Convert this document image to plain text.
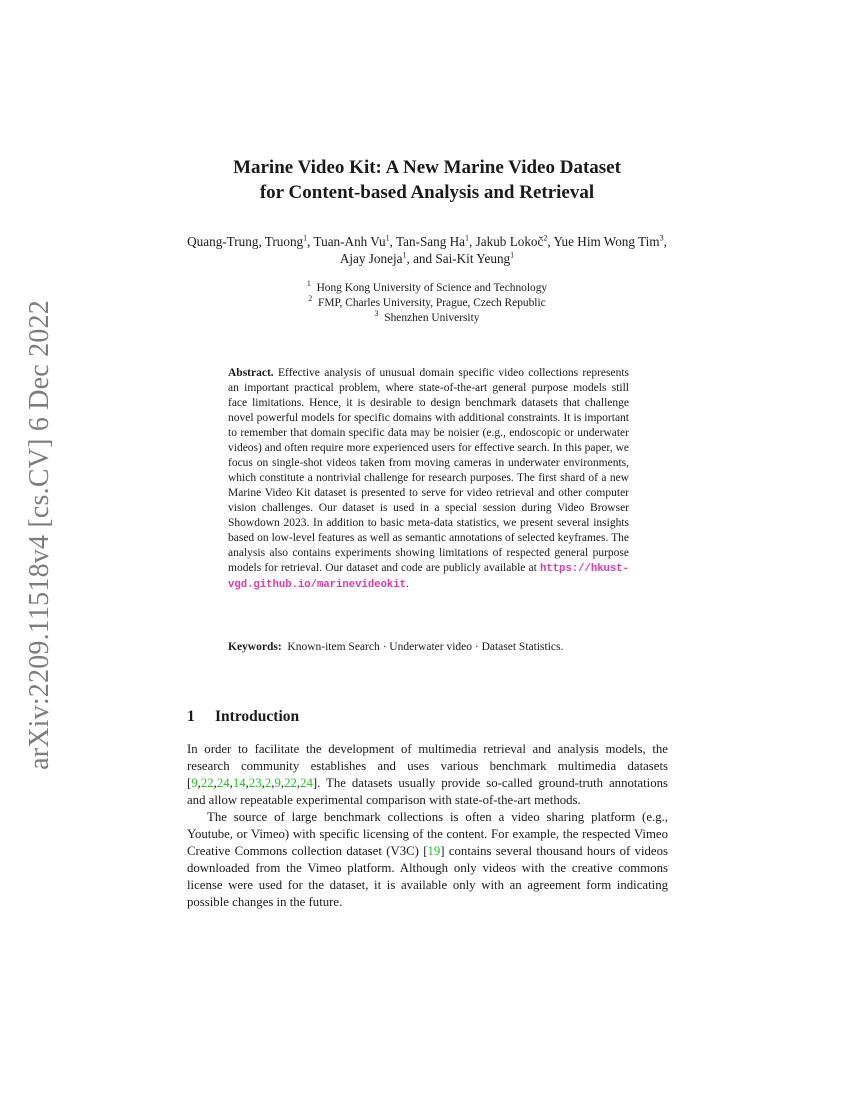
arXiv:2209.11518v4 [cs.CV] 6 Dec 2022
Marine Video Kit: A New Marine Video Dataset
for Content-based Analysis and Retrieval
Quang-Trung, Truong$^1$, Tuan-Anh Vu$^1$, Tan-Sang Ha$^1$, Jakub Lokoč$^2$, Yue Him Wong Tim$^3$, Ajay Joneja$^1$, and Sai-Kit Yeung$^1$
$^1$ Hong Kong University of Science and Technology
$^2$ FMP, Charles University, Prague, Czech Republic
$^3$ Shenzhen University
Abstract. Effective analysis of unusual domain specific video collections represents an important practical problem, where state-of-the-art general purpose models still face limitations. Hence, it is desirable to design benchmark datasets that challenge novel powerful models for specific domains with additional constraints. It is important to remember that domain specific data may be noisier (e.g., endoscopic or underwater videos) and often require more experienced users for effective search. In this paper, we focus on single-shot videos taken from moving cameras in underwater environments, which constitute a nontrivial challenge for research purposes. The first shard of a new Marine Video Kit dataset is presented to serve for video retrieval and other computer vision challenges. Our dataset is used in a special session during Video Browser Showdown 2023. In addition to basic meta-data statistics, we present several insights based on low-level features as well as semantic annotations of selected keyframes. The analysis also contains experiments showing limitations of respected general purpose models for retrieval. Our dataset and code are publicly available at https://hkust-vgd.github.io/marinevideokit.
Keywords: Known-item Search · Underwater video · Dataset Statistics.
1 Introduction

In order to facilitate the development of multimedia retrieval and analysis models, the research community establishes and uses various benchmark multimedia datasets [9,22,24,14,23,2,9,22,24]. The datasets usually provide so-called ground-truth annotations and allow repeatable experimental comparison with state-of-the-art methods.

The source of large benchmark collections is often a video sharing platform (e.g., Youtube, or Vimeo) with specific licensing of the content. For example, the respected Vimeo Creative Commons collection dataset (V3C) [19] contains several thousand hours of videos downloaded from the Vimeo platform. Although only videos with the creative commons license were used for the dataset, it is available only with an agreement form indicating possible changes in the future.
